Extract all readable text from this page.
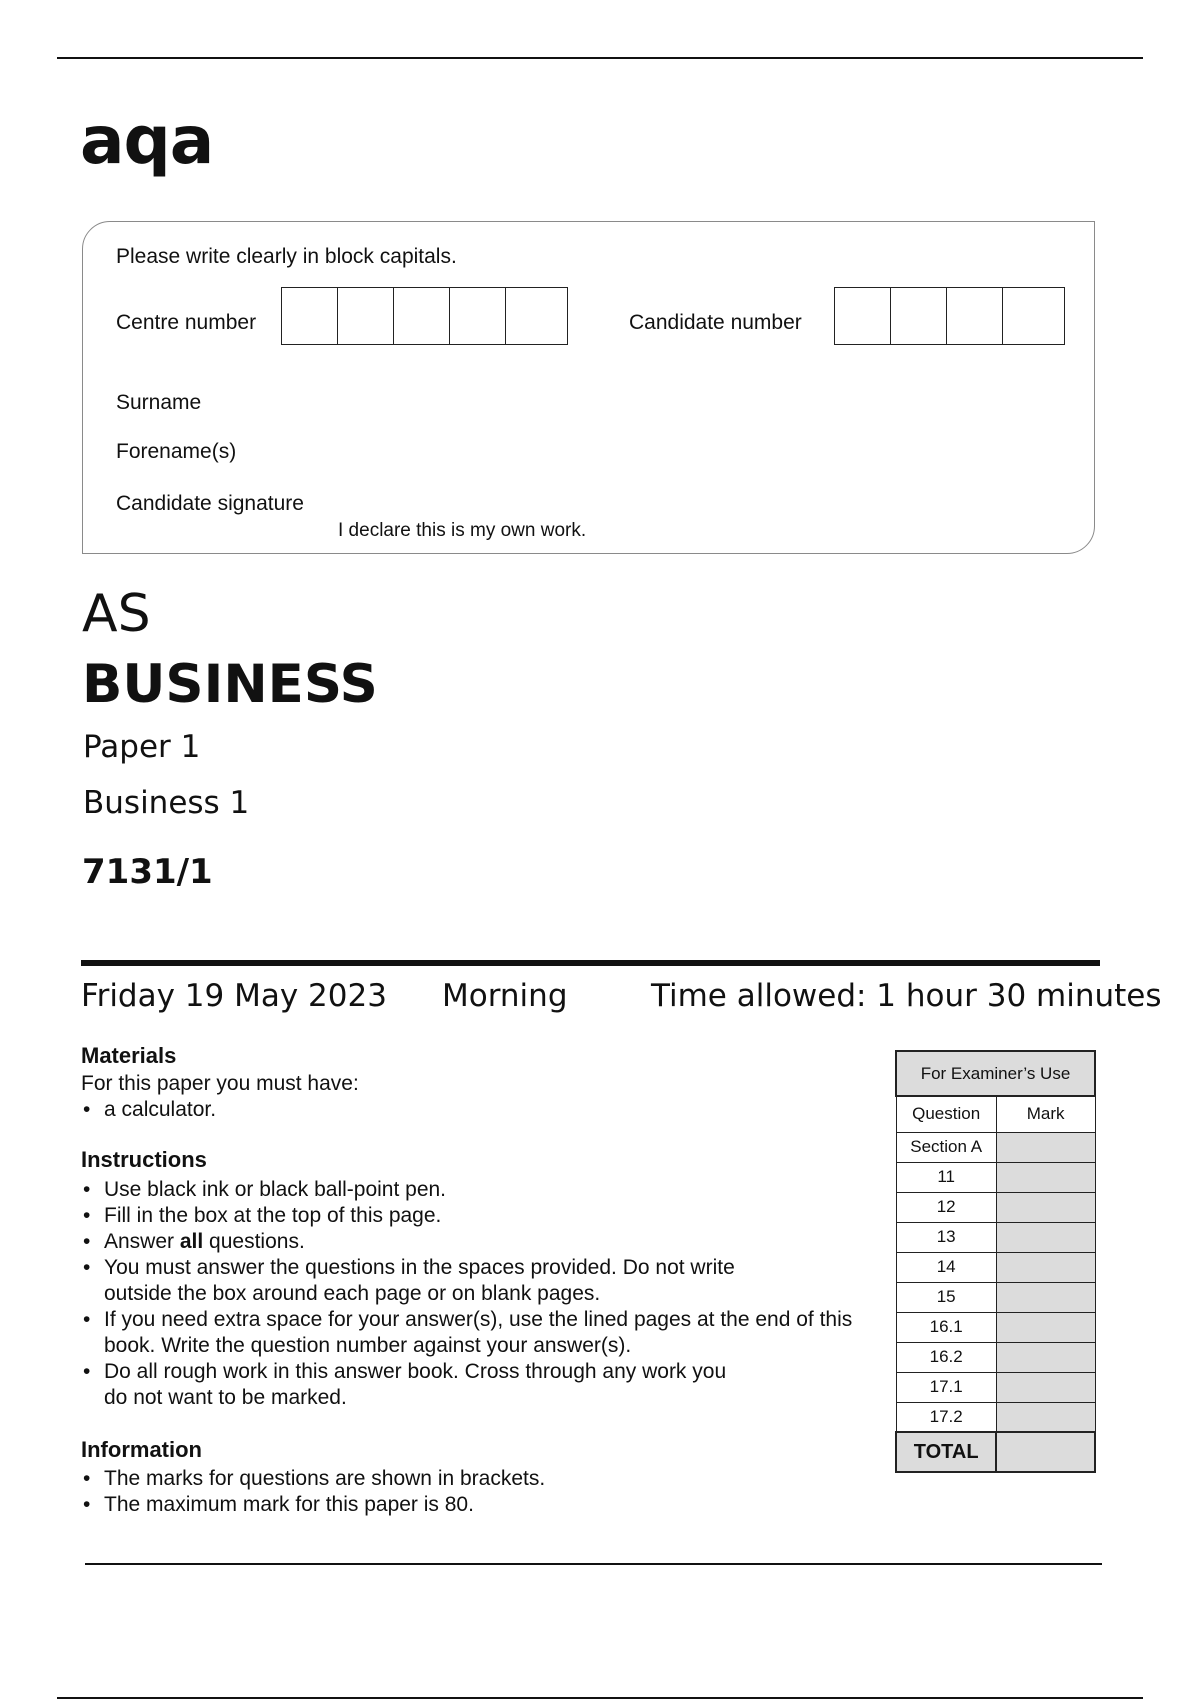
aqa
Please write clearly in block capitals.
Centre number	Candidate number
Surname
Forename(s)
Candidate signature
I declare this is my own work.
AS
BUSINESS
Paper 1
Business 1
7131/1
Friday 19 May 2023 Morning	Time allowed: 1 hour 30 minutes
Materials
For this paper you must have:
• a calculator.
Instructions
• Use black ink or black ball-point pen.
• Fill in the box at the top of this page.
• Answer all questions.
• You must answer the questions in the spaces provided. Do not write outside the box around each page or on blank pages.
• If you need extra space for your answer(s), use the lined pages at the end of this book. Write the question number against your answer(s).
• Do all rough work in this answer book. Cross through any work you do not want to be marked.
Information
• The marks for questions are shown in brackets.
• The maximum mark for this paper is 80.
For Examiner’s Use	
Question	Mark
Section A	
11	
12	
13	
14	
15	
16.1	
16.2	
17.1	
17.2	
TOTAL	
